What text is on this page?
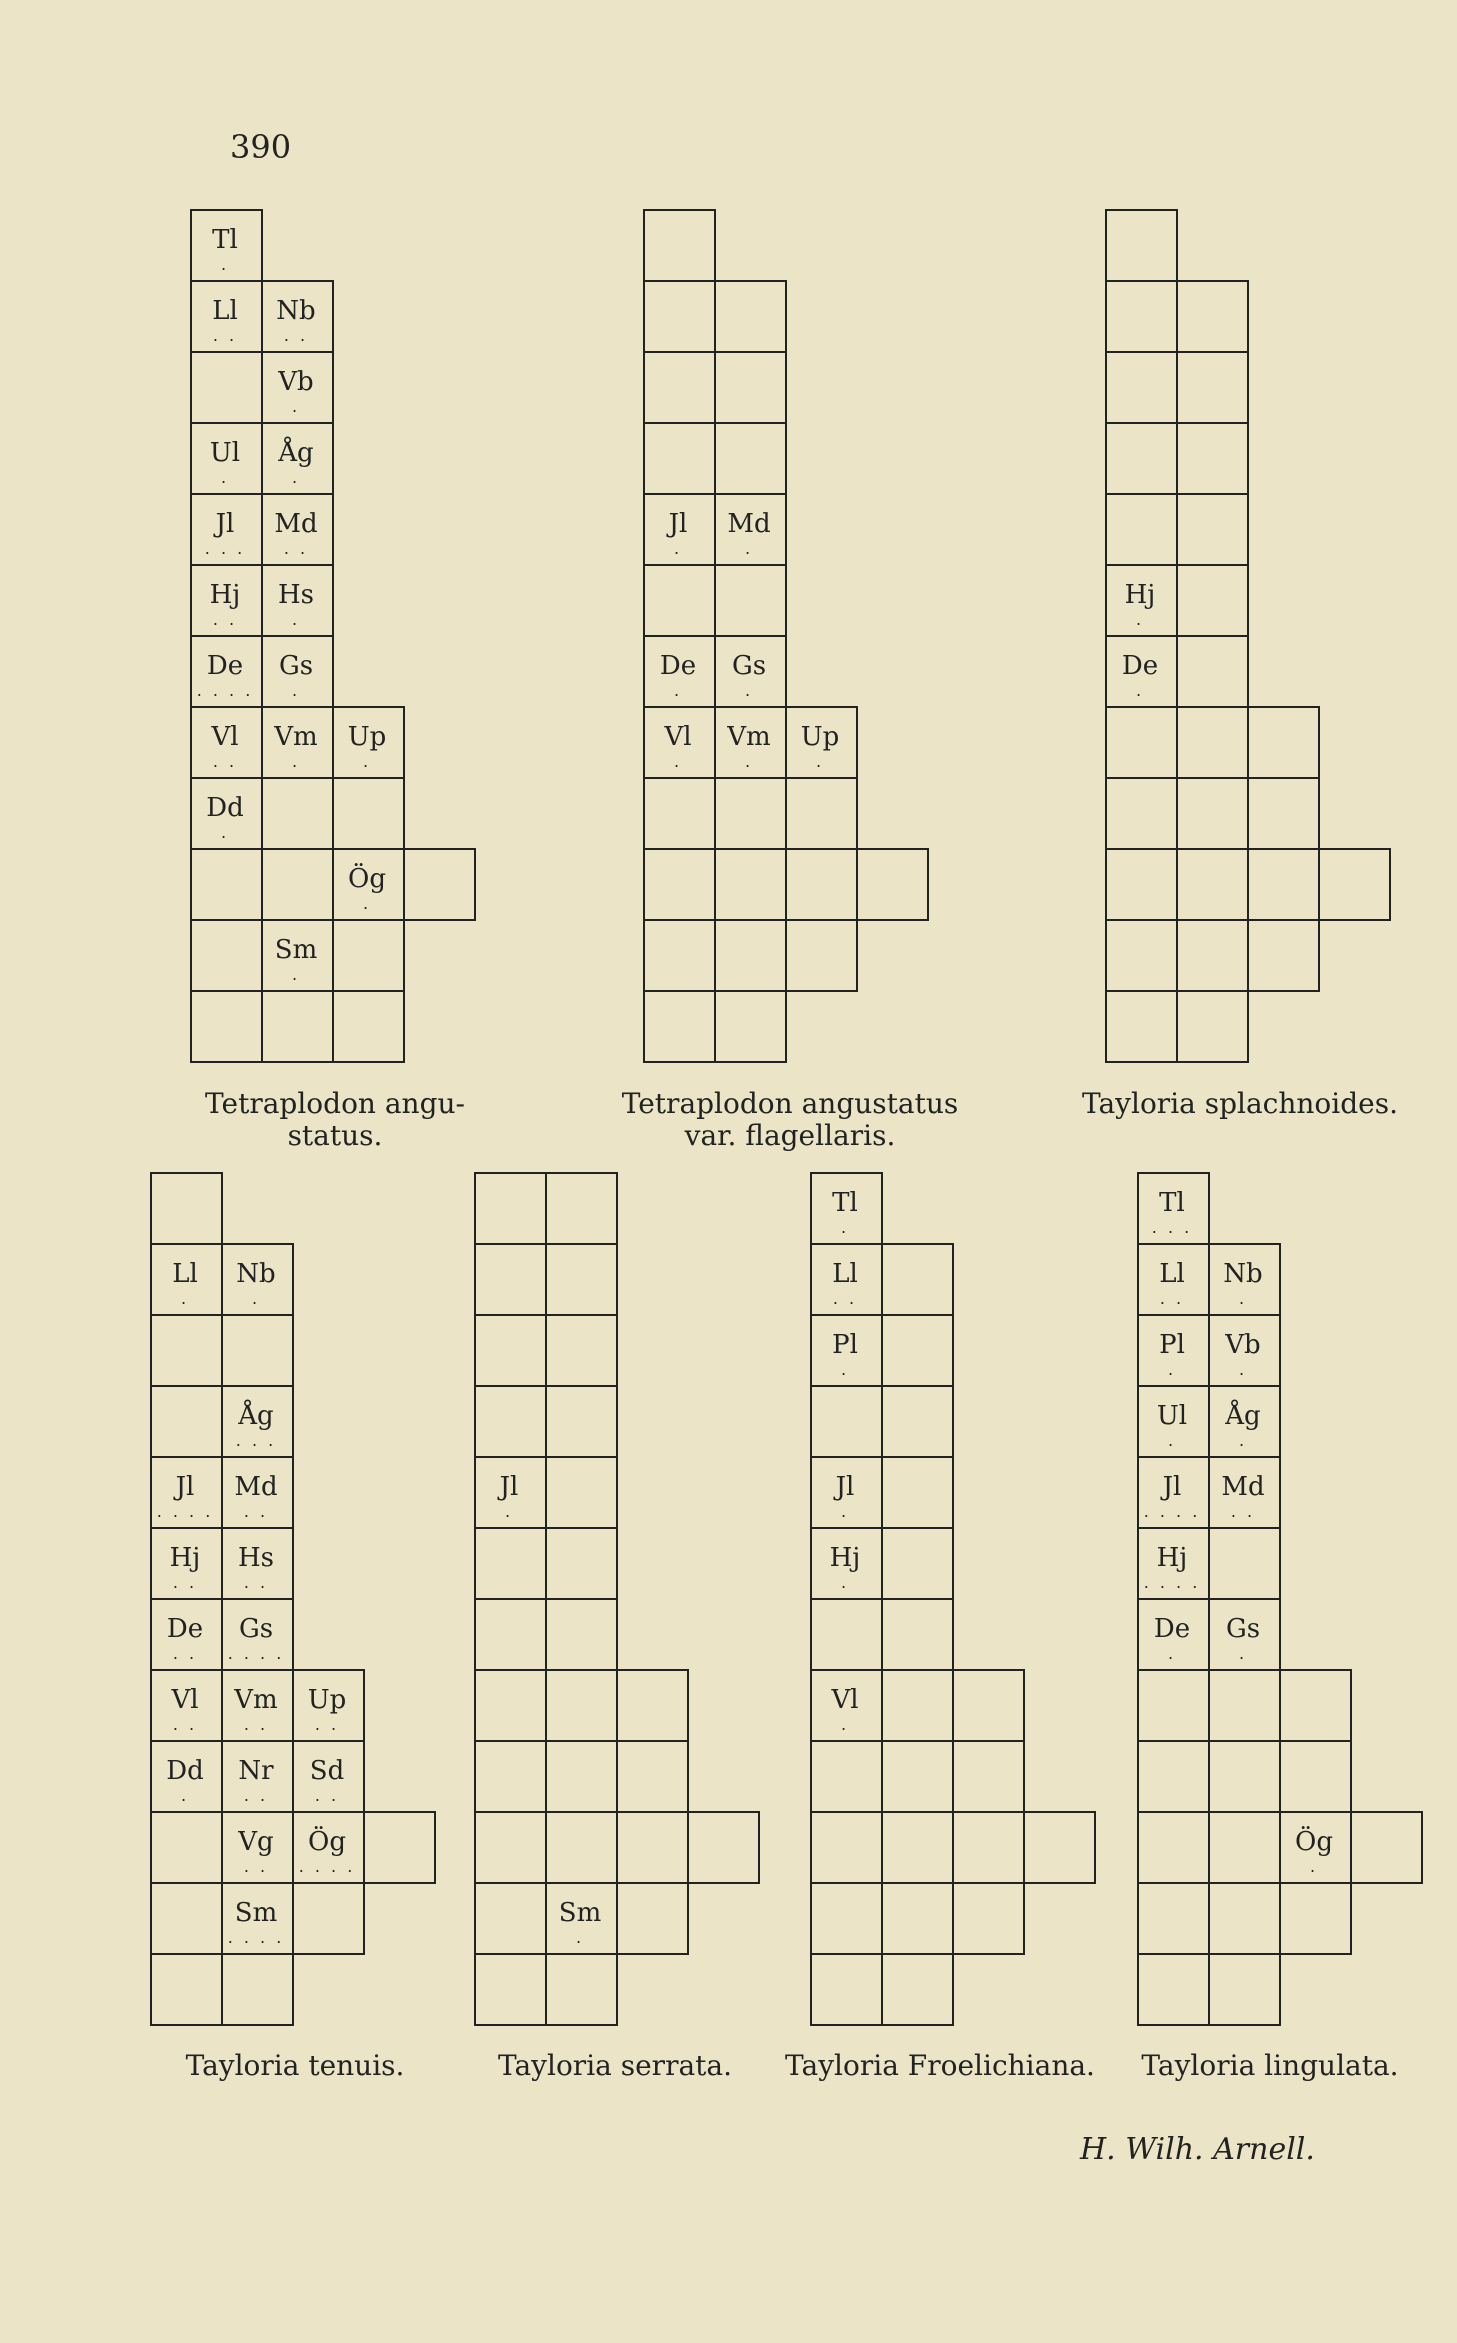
390
Tl
.
Ll
. .
Nb
. .
Vb
.
Ul
.
Åg
.
Jl
. . .
Md
. .
Hj
. .
Hs
.
De
. . . .
Gs
.
Vl
. .
Vm
.
Up
.
Dd
.
Ög
.
Sm
.
Tetraplodon angu-
status.
Jl
.
Md
.
De
.
Gs
.
Vl
.
Vm
.
Up
.
Tetraplodon angustatus
var. flagellaris.
Hj
.
De
.
Tayloria splachnoides.
Ll
.
Nb
.
Åg
. . .
Jl
. . . .
Md
. .
Hj
. .
Hs
. .
De
. .
Gs
. . . .
Vl
. .
Vm
. .
Up
. .
Dd
.
Nr
. .
Sd
. .
Vg
. .
Ög
. . . .
Sm
. . . .
Tayloria tenuis.
Jl
.
Sm
.
Tayloria serrata.
Tl
.
Ll
. .
Pl
.
Jl
.
Hj
.
Vl
.
Tayloria Froelichiana.
Tl
. . .
Ll
. .
Nb
.
Pl
.
Vb
.
Ul
.
Åg
.
Jl
. . . .
Md
. .
Hj
. . . .
De
.
Gs
.
Ög
.
Tayloria lingulata.
H. Wilh. Arnell.
